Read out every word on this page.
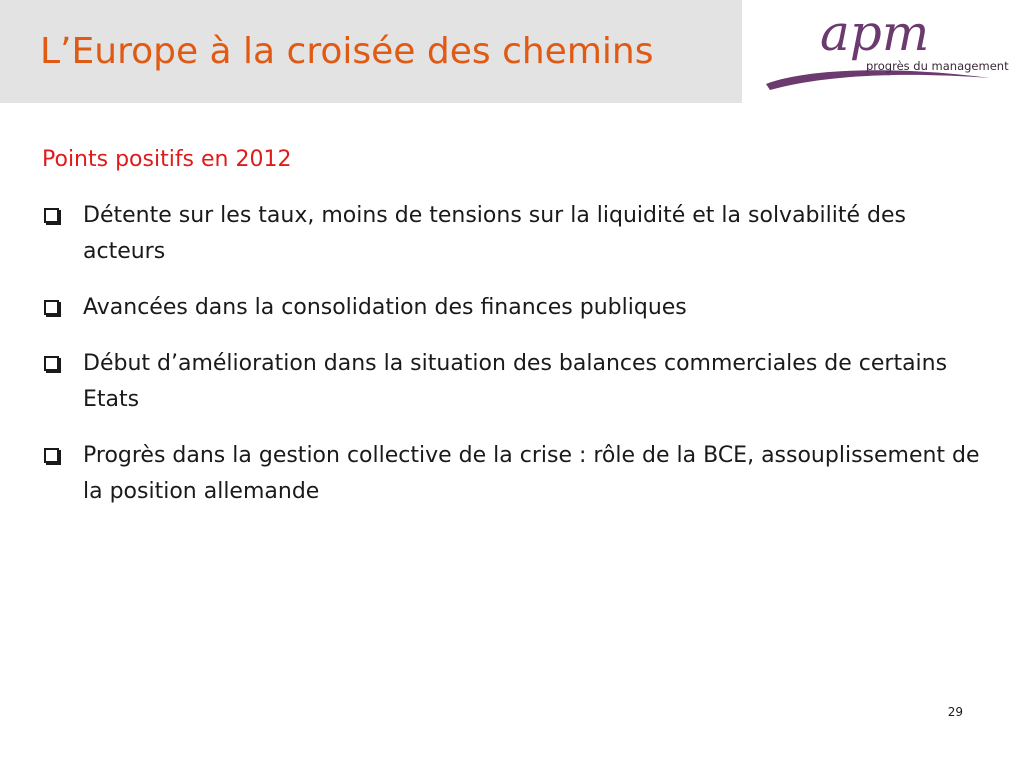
L’Europe à la croisée des chemins	apm
progrès du management
Points positifs en 2012
Détente sur les taux, moins de tensions sur la liquidité et la solvabilité des acteurs
Avancées dans la consolidation des finances publiques
Début d’amélioration dans la situation des balances commerciales de certains Etats
Progrès dans la gestion collective de la crise : rôle de la BCE, assouplissement de la position allemande
29
